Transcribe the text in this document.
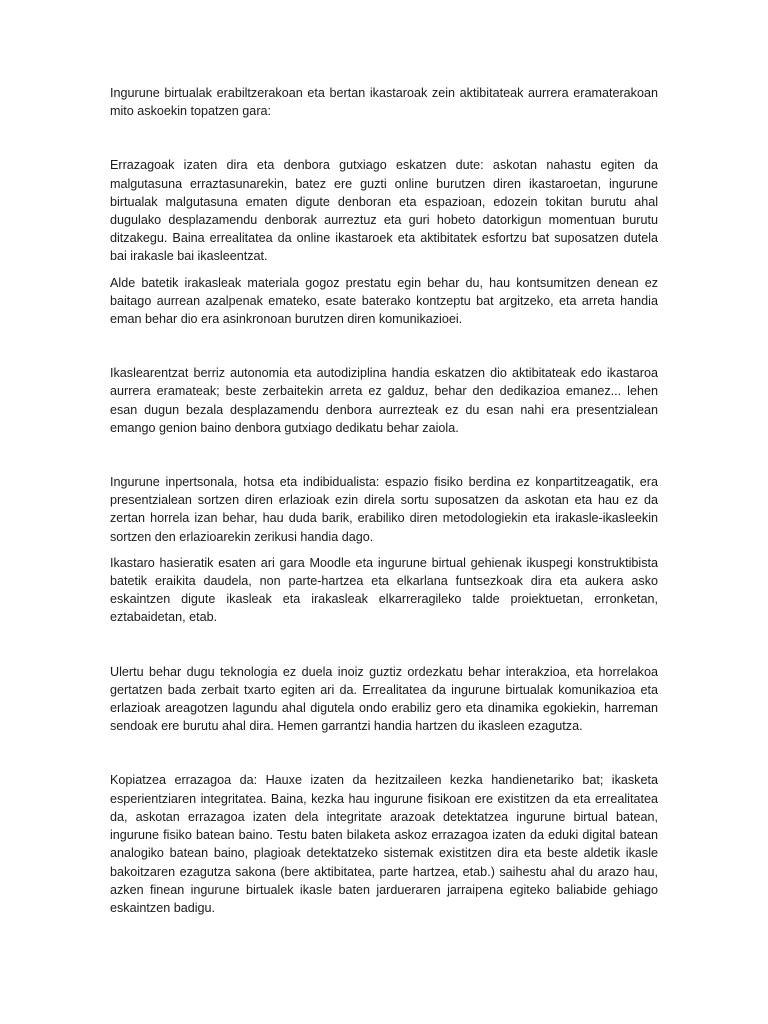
Ingurune birtualak erabiltzerakoan eta bertan ikastaroak zein aktibitateak aurrera eramaterakoan mito askoekin topatzen gara:

Errazagoak izaten dira eta denbora gutxiago eskatzen dute: askotan nahastu egiten da malgutasuna erraztasunarekin, batez ere guzti online burutzen diren ikastaroetan, ingurune birtualak malgutasuna ematen digute denboran eta espazioan, edozein tokitan burutu ahal dugulako desplazamendu denborak aurreztuz eta guri hobeto datorkigun momentuan burutu ditzakegu. Baina errealitatea da online ikastaroek eta aktibitatek esfortzu bat suposatzen dutela bai irakasle bai ikasleentzat.

Alde batetik irakasleak materiala gogoz prestatu egin behar du, hau kontsumitzen denean ez baitago aurrean azalpenak emateko, esate baterako kontzeptu bat argitzeko, eta arreta handia eman behar dio era asinkronoan burutzen diren komunikazioei.

Ikaslearentzat berriz autonomia eta autodiziplina handia eskatzen dio aktibitateak edo ikastaroa aurrera eramateak; beste zerbaitekin arreta ez galduz, behar den dedikazioa emanez... lehen esan dugun bezala desplazamendu denbora aurrezteak ez du esan nahi era presentzialean emango genion baino denbora gutxiago dedikatu behar zaiola.

Ingurune inpertsonala, hotsa eta indibidualista: espazio fisiko berdina ez konpartitzeagatik, era presentzialean sortzen diren erlazioak ezin direla sortu suposatzen da askotan eta hau ez da zertan horrela izan behar, hau duda barik, erabiliko diren metodologiekin eta irakasle-ikasleekin sortzen den erlazioarekin zerikusi handia dago.

Ikastaro hasieratik esaten ari gara Moodle eta ingurune birtual gehienak ikuspegi konstruktibista batetik eraikita daudela, non parte-hartzea eta elkarlana funtsezkoak dira eta aukera asko eskaintzen digute ikasleak eta irakasleak elkarreragileko talde proiektuetan, erronketan, eztabaidetan, etab.

Ulertu behar dugu teknologia ez duela inoiz guztiz ordezkatu behar interakzioa, eta horrelakoa gertatzen bada zerbait txarto egiten ari da. Errealitatea da ingurune birtualak komunikazioa eta erlazioak areagotzen lagundu ahal digutela ondo erabiliz gero eta dinamika egokiekin, harreman sendoak ere burutu ahal dira. Hemen garrantzi handia hartzen du ikasleen ezagutza.

Kopiatzea errazagoa da: Hauxe izaten da hezitzaileen kezka handienetariko bat; ikasketa esperientziaren integritatea. Baina, kezka hau ingurune fisikoan ere existitzen da eta errealitatea da, askotan errazagoa izaten dela integritate arazoak detektatzea ingurune birtual batean, ingurune fisiko batean baino. Testu baten bilaketa askoz errazagoa izaten da eduki digital batean analogiko batean baino, plagioak detektatzeko sistemak existitzen dira eta beste aldetik ikasle bakoitzaren ezagutza sakona (bere aktibitatea, parte hartzea, etab.) saihestu ahal du arazo hau, azken finean ingurune birtualek ikasle baten jardueraren jarraipena egiteko baliabide gehiago eskaintzen badigu.
